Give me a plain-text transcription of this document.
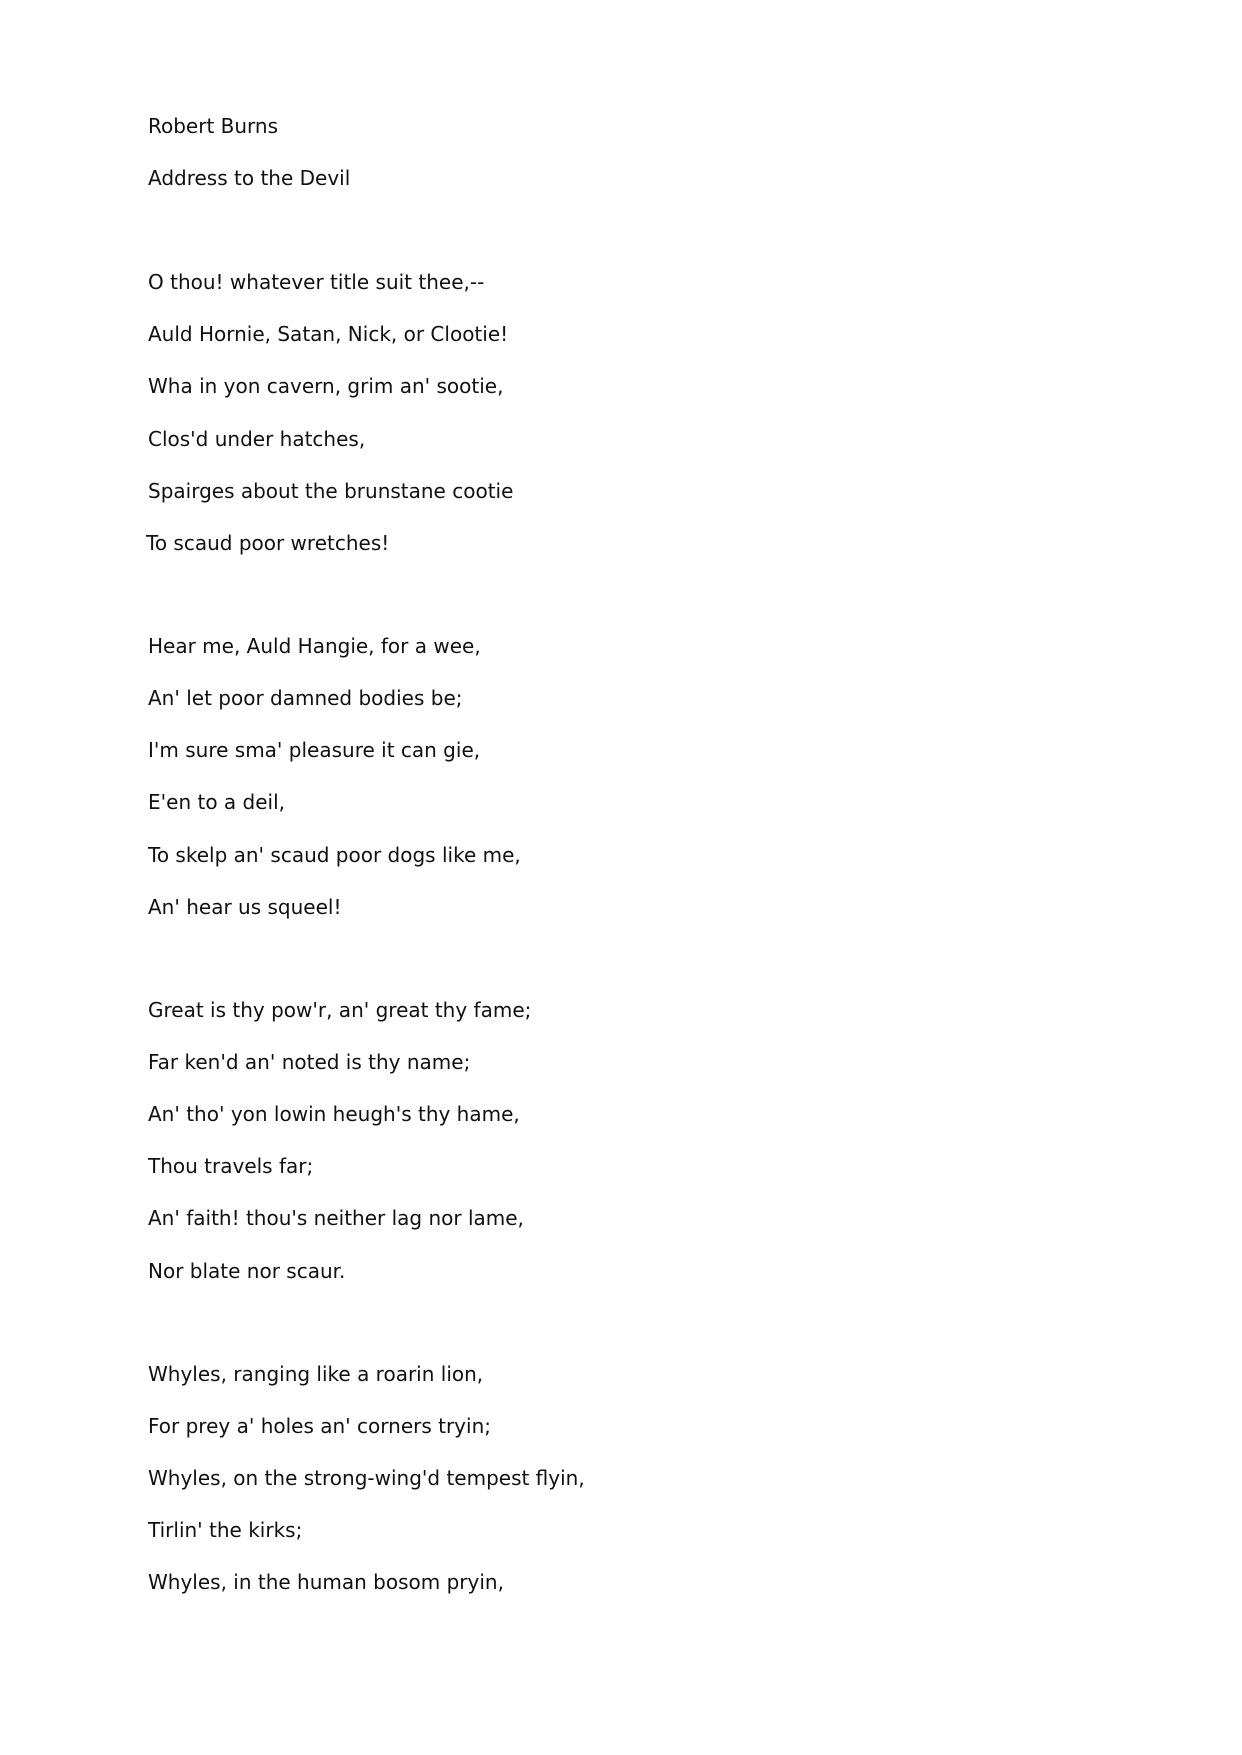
Robert Burns

Address to the Devil

O thou! whatever title suit thee,--

Auld Hornie, Satan, Nick, or Clootie!

Wha in yon cavern, grim an' sootie,

Clos'd under hatches,

Spairges about the brunstane cootie

To scaud poor wretches!

Hear me, Auld Hangie, for a wee,

An' let poor damned bodies be;

I'm sure sma' pleasure it can gie,

E'en to a deil,

To skelp an' scaud poor dogs like me,

An' hear us squeel!

Great is thy pow'r, an' great thy fame;

Far ken'd an' noted is thy name;

An' tho' yon lowin heugh's thy hame,

Thou travels far;

An' faith! thou's neither lag nor lame,

Nor blate nor scaur.

Whyles, ranging like a roarin lion,

For prey a' holes an' corners tryin;

Whyles, on the strong-wing'd tempest flyin,

Tirlin' the kirks;

Whyles, in the human bosom pryin,
